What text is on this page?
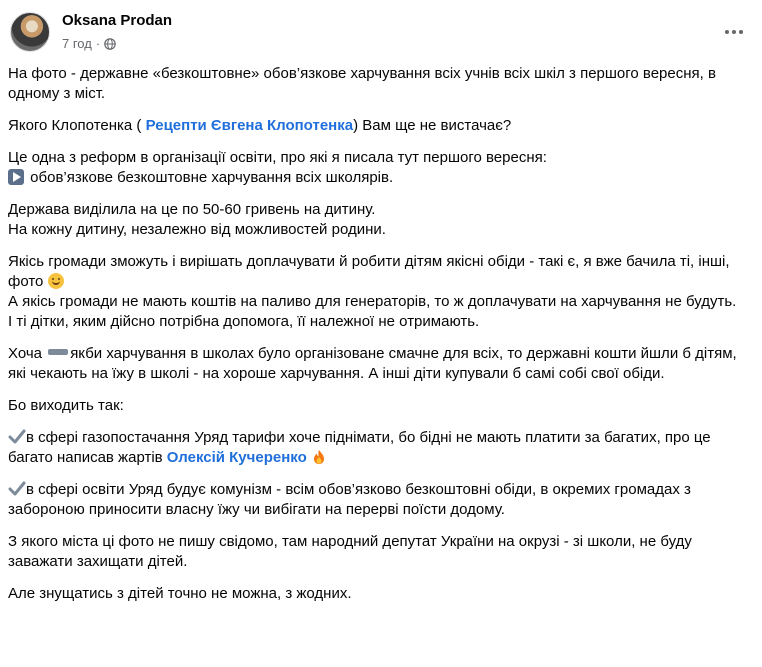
Oksana Prodan
7 год ·

На фото - державне «безкоштовне» обов’язкове харчування всіх учнів всіх шкіл з першого вересня, в одному з міст.

Якого Клопотенка ( Рецепти Євгена Клопотенка) Вам ще не вистачає?

Це одна з реформ в організації освіти, про які я писала тут першого вересня:
обов’язкове безкоштовне харчування всіх школярів.

Держава виділила на це по 50-60 гривень на дитину.
На кожну дитину, незалежно від можливостей родини.

Якісь громади зможуть і вирішать доплачувати й робити дітям якісні обіди - такі є, я вже бачила ті, інші, фото
А якісь громади не мають коштів на паливо для генераторів, то ж доплачувати на харчування не будуть.
І ті дітки, яким дійсно потрібна допомога, її належної не отримають.

Хоча якби харчування в школах було організоване смачне для всіх, то державні кошти йшли б дітям, які чекають на їжу в школі - на хороше харчування. А інші діти купували б самі собі свої обіди.

Бо виходить так:

в сфері газопостачання Уряд тарифи хоче піднімати, бо бідні не мають платити за багатих, про це багато написав жартів Олексій Кучеренко

в сфері освіти Уряд будує комунізм - всім обов’язково безкоштовні обіди, в окремих громадах з забороною приносити власну їжу чи вибігати на перерві поїсти додому.

З якого міста ці фото не пишу свідомо, там народний депутат України на окрузі - зі школи, не буду заважати захищати дітей.

Але знущатись з дітей точно не можна, з жодних.
